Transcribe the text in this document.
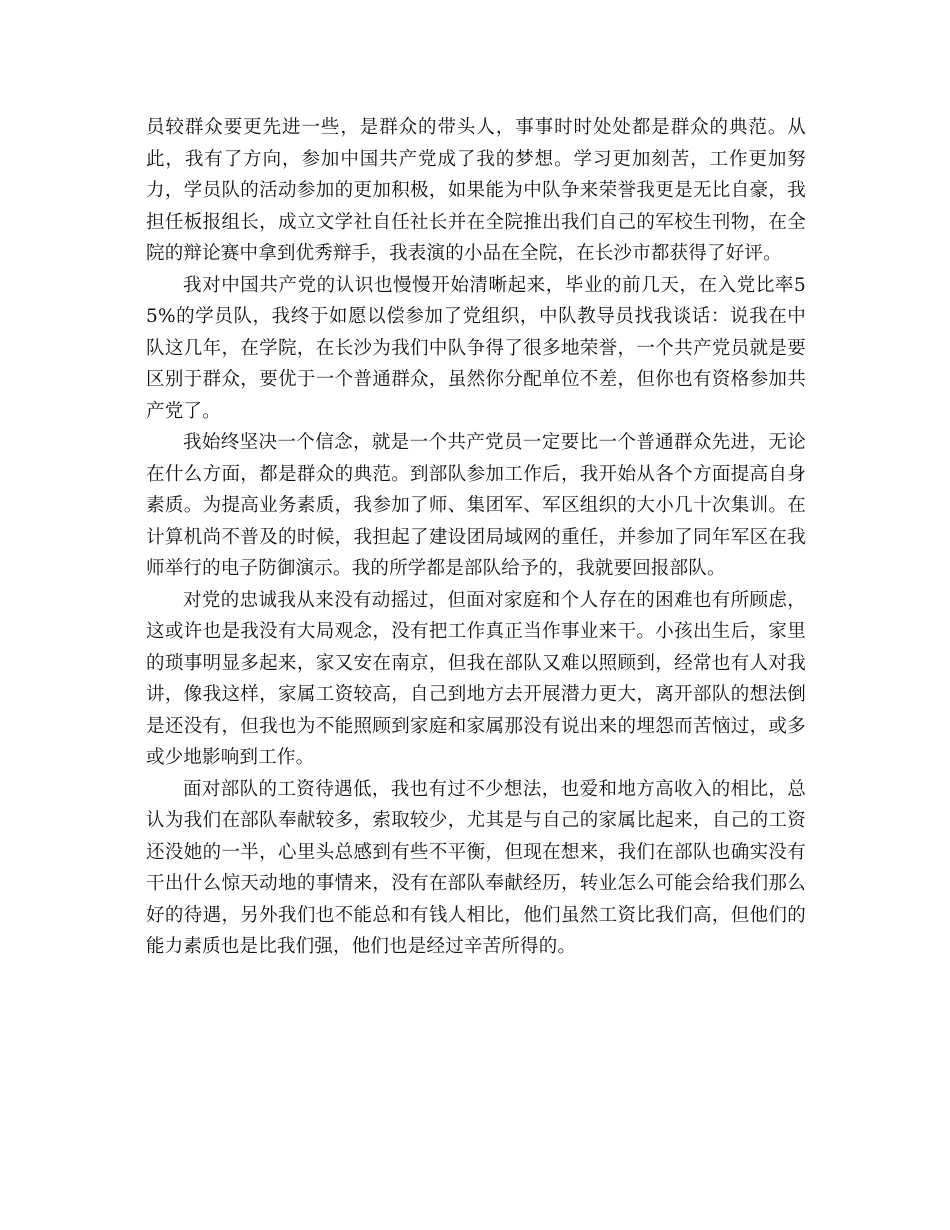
员较群众要更先进一些，是群众的带头人，事事时时处处都是群众的典范。从此，我有了方向，参加中国共产党成了我的梦想。学习更加刻苦，工作更加努力，学员队的活动参加的更加积极，如果能为中队争来荣誉我更是无比自豪，我担任板报组长，成立文学社自任社长并在全院推出我们自己的军校生刊物，在全院的辩论赛中拿到优秀辩手，我表演的小品在全院，在长沙市都获得了好评。

我对中国共产党的认识也慢慢开始清晰起来，毕业的前几天，在入党比率55%的学员队，我终于如愿以偿参加了党组织，中队教导员找我谈话：说我在中队这几年，在学院，在长沙为我们中队争得了很多地荣誉，一个共产党员就是要区别于群众，要优于一个普通群众，虽然你分配单位不差，但你也有资格参加共产党了。

我始终坚决一个信念，就是一个共产党员一定要比一个普通群众先进，无论在什么方面，都是群众的典范。到部队参加工作后，我开始从各个方面提高自身素质。为提高业务素质，我参加了师、集团军、军区组织的大小几十次集训。在计算机尚不普及的时候，我担起了建设团局域网的重任，并参加了同年军区在我师举行的电子防御演示。我的所学都是部队给予的，我就要回报部队。

对党的忠诚我从来没有动摇过，但面对家庭和个人存在的困难也有所顾虑，这或许也是我没有大局观念，没有把工作真正当作事业来干。小孩出生后，家里的琐事明显多起来，家又安在南京，但我在部队又难以照顾到，经常也有人对我讲，像我这样，家属工资较高，自己到地方去开展潜力更大，离开部队的想法倒是还没有，但我也为不能照顾到家庭和家属那没有说出来的埋怨而苦恼过，或多或少地影响到工作。

面对部队的工资待遇低，我也有过不少想法，也爱和地方高收入的相比，总认为我们在部队奉献较多，索取较少，尤其是与自己的家属比起来，自己的工资还没她的一半，心里头总感到有些不平衡，但现在想来，我们在部队也确实没有干出什么惊天动地的事情来，没有在部队奉献经历，转业怎么可能会给我们那么好的待遇，另外我们也不能总和有钱人相比，他们虽然工资比我们高，但他们的能力素质也是比我们强，他们也是经过辛苦所得的。
